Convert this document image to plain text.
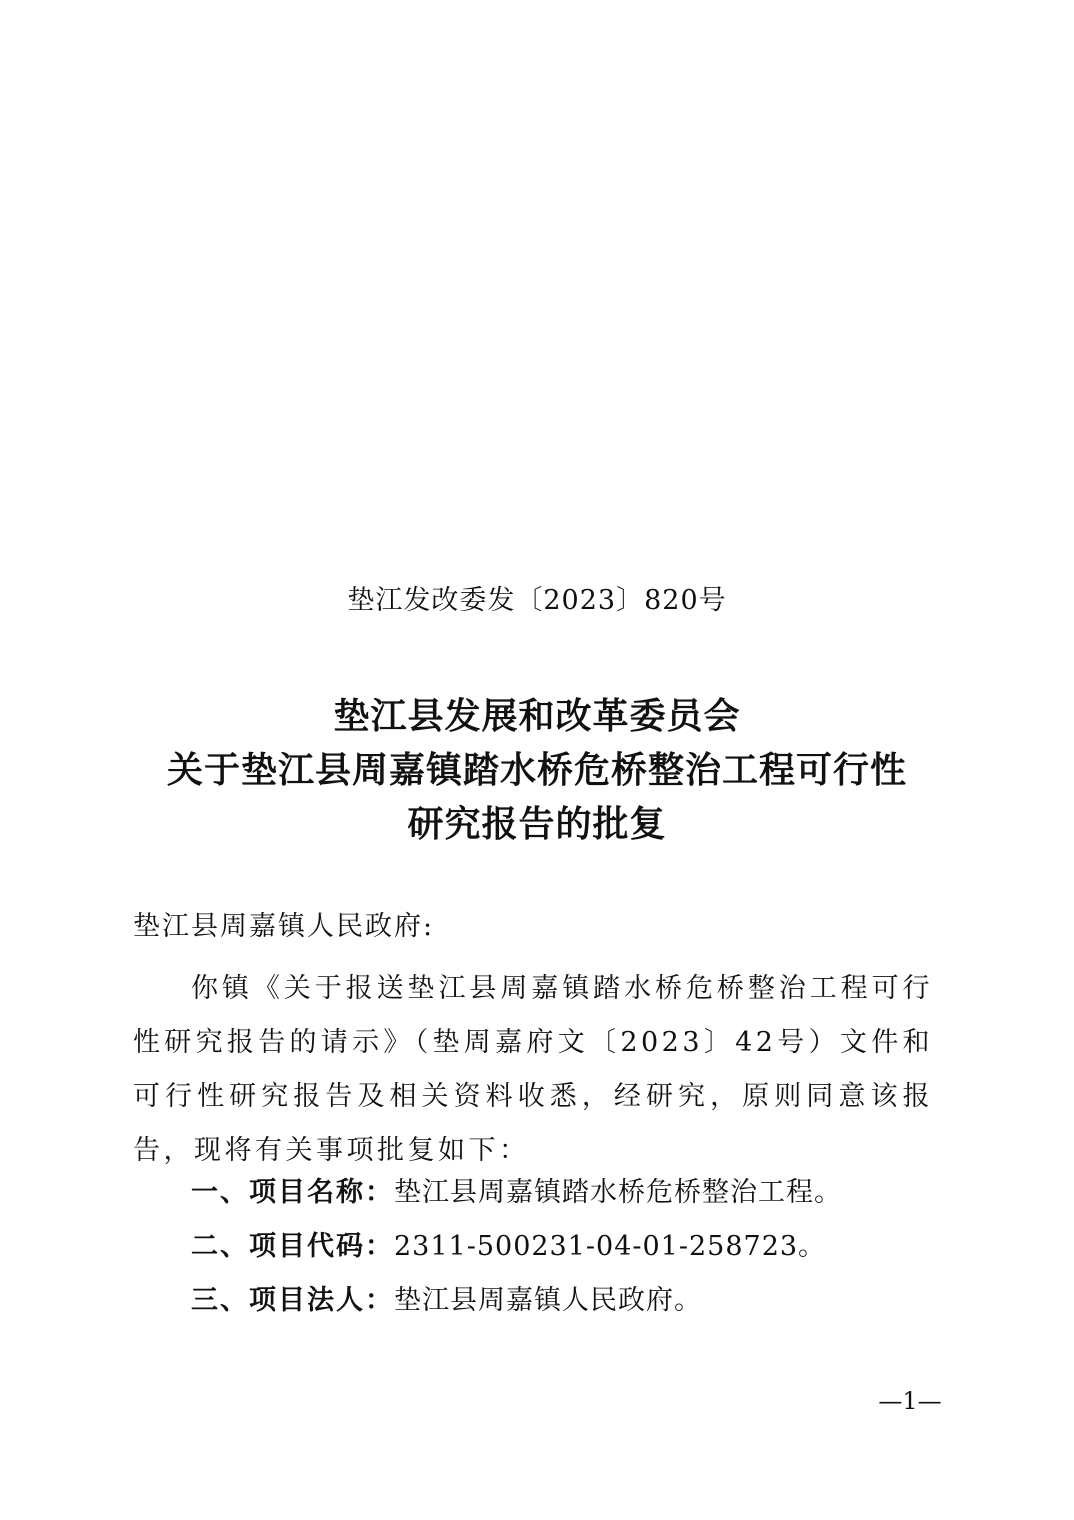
垫江发改委发〔2023〕820号
垫江县发展和改革委员会
关于垫江县周嘉镇踏水桥危桥整治工程可行性
研究报告的批复
垫江县周嘉镇人民政府:
你镇《关于报送垫江县周嘉镇踏水桥危桥整治工程可行性研究报告的请示》（垫周嘉府文〔2023〕42号）文件和可行性研究报告及相关资料收悉，经研究，原则同意该报告，现将有关事项批复如下：
一、项目名称：垫江县周嘉镇踏水桥危桥整治工程。
二、项目代码：2311-500231-04-01-258723。
三、项目法人：垫江县周嘉镇人民政府。
—1—
